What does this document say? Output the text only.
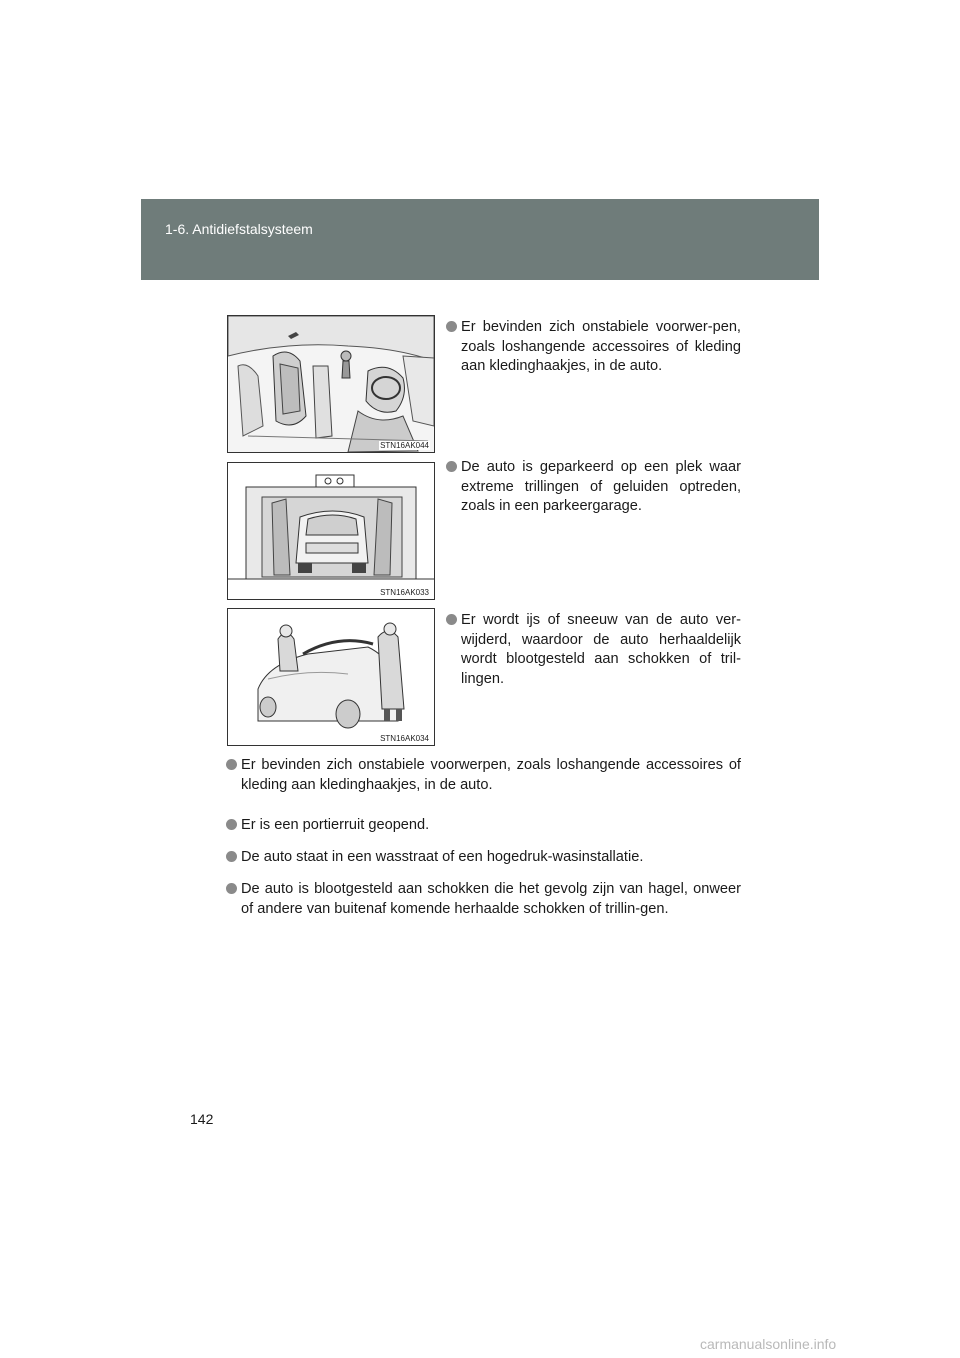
1-6. Antidiefstalsysteem
STN16AK044
STN16AK033
STN16AK034
Er bevinden zich onstabiele voorwer-pen, zoals loshangende accessoires of kleding aan kledinghaakjes, in de auto.
De auto is geparkeerd op een plek waar extreme trillingen of geluiden optreden, zoals in een parkeergarage.
Er wordt ijs of sneeuw van de auto ver-wijderd, waardoor de auto herhaaldelijk wordt blootgesteld aan schokken of tril-lingen.
Er bevinden zich onstabiele voorwerpen, zoals loshangende accessoires of kleding aan kledinghaakjes, in de auto.
Er is een portierruit geopend.
De auto staat in een wasstraat of een hogedruk-wasinstallatie.
De auto is blootgesteld aan schokken die het gevolg zijn van hagel, onweer of andere van buitenaf komende herhaalde schokken of trillin-gen.
142
carmanualsonline.info
